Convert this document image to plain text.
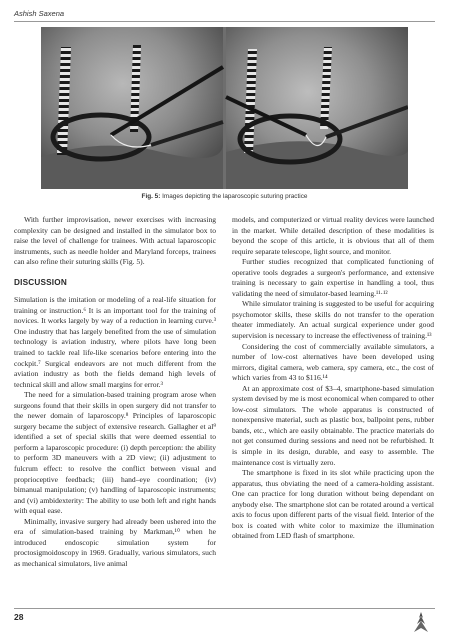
Ashish Saxena
Fig. 5: Images depicting the laparoscopic suturing practice

With further improvisation, newer exercises with increasing complexity can be designed and installed in the simulator box to raise the level of challenge for trainees. With actual laparoscopic instruments, such as needle holder and Maryland forceps, trainees can also refine their suturing skills (Fig. 5).

DISCUSSION

Simulation is the imitation or modeling of a real-life situation for training or instruction.⁶ It is an important tool for the training of novices. It works largely by way of a reduction in learning curve.³ One industry that has largely benefited from the use of simulation technology is aviation industry, where pilots have long been trained to tackle real life-like scenarios before entering into the cockpit.⁷ Surgical endeavors are not much different from the aviation industry as both the fields demand high levels of technical skill and allow small margins for error.³

The need for a simulation-based training program arose when surgeons found that their skills in open surgery did not transfer to the newer domain of laparoscopy.⁸ Principles of laparoscopic surgery became the subject of extensive research. Gallagher et al⁹ identified a set of special skills that were deemed essential to perform a laparoscopic procedure: (i) depth perception: the ability to perform 3D maneuvers with a 2D view; (ii) adjustment to fulcrum effect: to resolve the conflict between visual and proprioceptive feedback; (iii) hand–eye coordination; (iv) bimanual manipulation; (v) handling of laparoscopic instruments; and (vi) ambidexterity: The ability to use both left and right hands with equal ease.

Minimally, invasive surgery had already been ushered into the era of simulation-based training by Markman,¹⁰ when he introduced endoscopic simulation system for proctosigmoidoscopy in 1969. Gradually, various simulators, such as mechanical simulators, live animal

models, and computerized or virtual reality devices were launched in the market. While detailed description of these modalities is beyond the scope of this article, it is obvious that all of them require separate telescope, light source, and monitor.

Further studies recognized that complicated functioning of operative tools degrades a surgeon's performance, and extensive training is necessary to gain expertise in handling a tool, thus validating the need of simulator-based learning.¹¹·¹²

While simulator training is suggested to be useful for acquiring psychomotor skills, these skills do not transfer to the operation theater immediately. An actual surgical experience under good supervision is necessary to increase the effectiveness of training.¹³

Considering the cost of commercially available simulators, a number of low-cost alternatives have been developed using mirrors, digital camera, web camera, spy camera, etc., the cost of which varies from 43 to $116.¹⁴

At an approximate cost of $3–4, smartphone-based simulation system devised by me is most economical when compared to other low-cost simulators. The whole apparatus is constructed of nonexpensive material, such as plastic box, ballpoint pens, rubber bands, etc., which are easily obtainable. The practice materials do not get consumed during sessions and need not be refurbished. It is simple in its design, durable, and easy to assemble. The maintenance cost is virtually zero.

The smartphone is fixed in its slot while practicing upon the apparatus, thus obviating the need of a camera-holding assistant. One can practice for long duration without being dependant on anybody else. The smartphone slot can be rotated around a vertical axis to focus upon different parts of the visual field. Interior of the box is coated with white color to maximize the illumination obtained from LED flash of smartphone.

28
